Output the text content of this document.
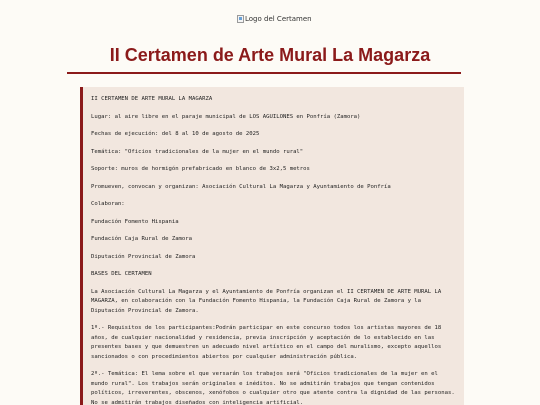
Logo del Certamen
II Certamen de Arte Mural La Magarza

II CERTAMEN DE ARTE MURAL LA MAGARZA

Lugar: al aire libre en el paraje municipal de LOS AGUILONES en Ponfría (Zamora)

Fechas de ejecución: del 8 al 10 de agosto de 2025

Temática: "Oficios tradicionales de la mujer en el mundo rural"

Soporte: muros de hormigón prefabricado en blanco de 3x2,5 metros

Promueven, convocan y organizan: Asociación Cultural La Magarza y Ayuntamiento de Ponfría

Colaboran:

Fundación Fomento Hispania

Fundación Caja Rural de Zamora

Diputación Provincial de Zamora

BASES DEL CERTAMEN

La Asociación Cultural La Magarza y el Ayuntamiento de Ponfría organizan el II CERTAMEN DE ARTE MURAL LA MAGARZA, en colaboración con la Fundación Fomento Hispania, la Fundación Caja Rural de Zamora y la Diputación Provincial de Zamora.

1º.- Requisitos de los participantes:Podrán participar en este concurso todos los artistas mayores de 18 años, de cualquier nacionalidad y residencia, previa inscripción y aceptación de lo establecido en las presentes bases y que demuestren un adecuado nivel artístico en el campo del muralismo, excepto aquellos sancionados o con procedimientos abiertos por cualquier administración pública.

2º.- Temática: El lema sobre el que versarán los trabajos será "Oficios tradicionales de la mujer en el mundo rural". Los trabajos serán originales e inéditos. No se admitirán trabajos que tengan contenidos políticos, irreverentes, obscenos, xenófobos o cualquier otro que atente contra la dignidad de las personas. No se admitirán trabajos diseñados con inteligencia artificial.
